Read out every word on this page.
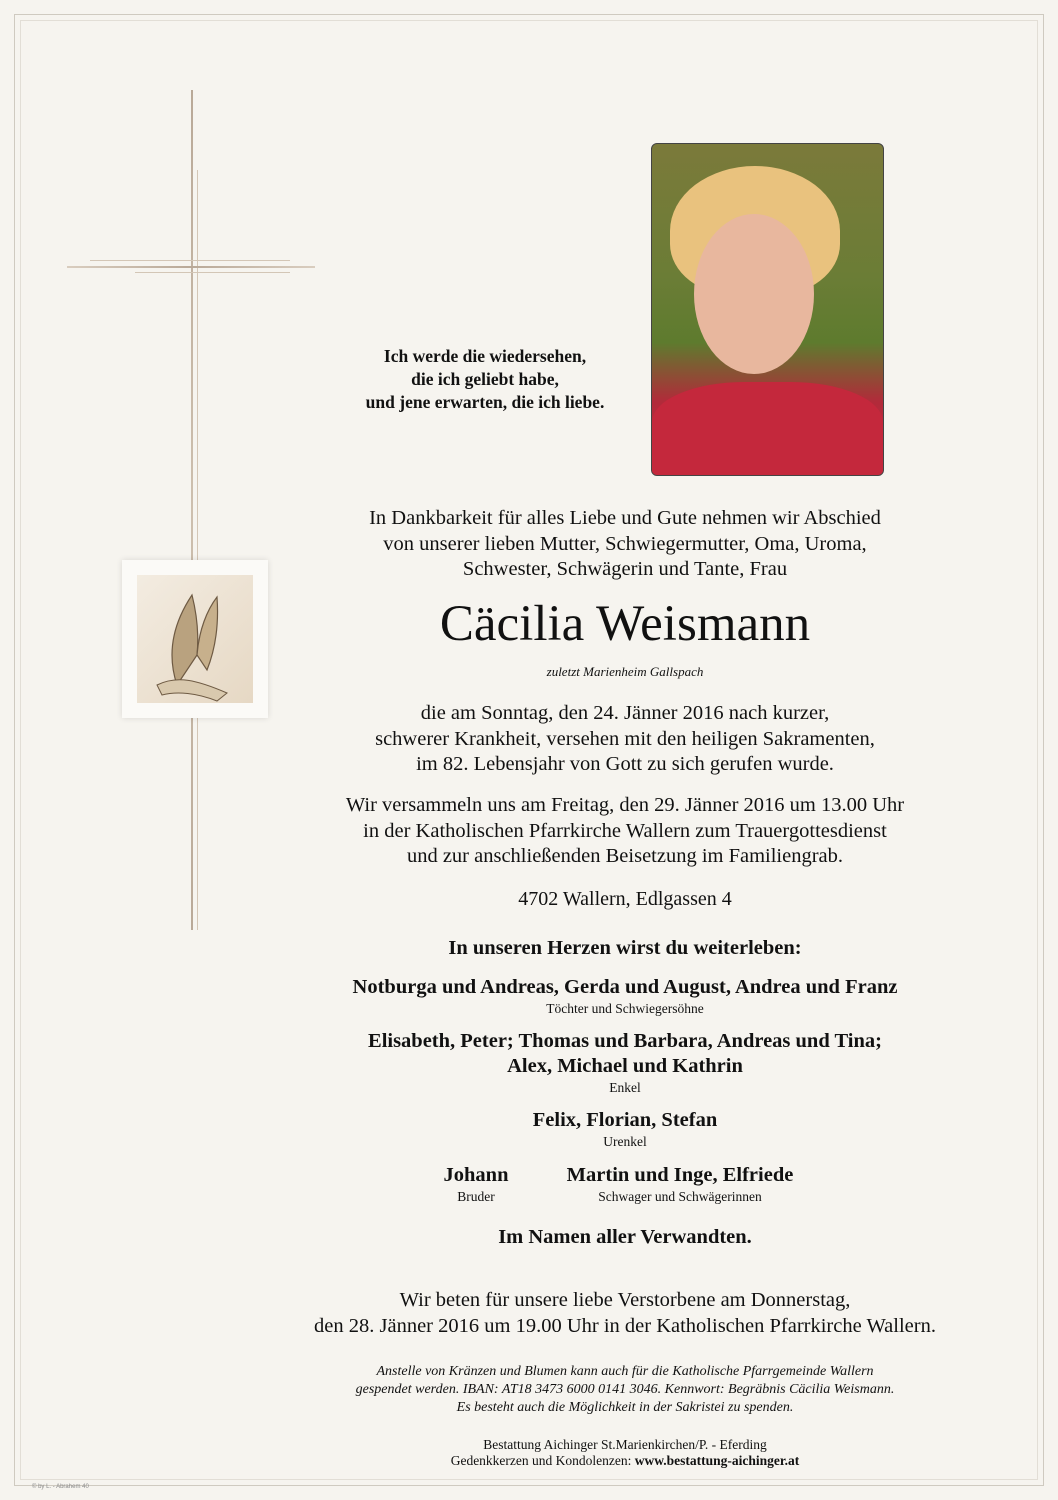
Ich werde die wiedersehen,
die ich geliebt habe,
und jene erwarten, die ich liebe.
In Dankbarkeit für alles Liebe und Gute nehmen wir Abschied
von unserer lieben Mutter, Schwiegermutter, Oma, Uroma,
Schwester, Schwägerin und Tante, Frau
Cäcilia Weismann
zuletzt Marienheim Gallspach
die am Sonntag, den 24. Jänner 2016 nach kurzer,
schwerer Krankheit, versehen mit den heiligen Sakramenten,
im 82. Lebensjahr von Gott zu sich gerufen wurde.
Wir versammeln uns am Freitag, den 29. Jänner 2016 um 13.00 Uhr
in der Katholischen Pfarrkirche Wallern zum Trauergottesdienst
und zur anschließenden Beisetzung im Familiengrab.
4702 Wallern, Edlgassen 4
In unseren Herzen wirst du weiterleben:
Notburga und Andreas, Gerda und August, Andrea und Franz
Töchter und Schwiegersöhne
Elisabeth, Peter; Thomas und Barbara, Andreas und Tina;
Alex, Michael und Kathrin
Enkel
Felix, Florian, Stefan
Urenkel
Johann
Bruder
Martin und Inge, Elfriede
Schwager und Schwägerinnen
Im Namen aller Verwandten.
Wir beten für unsere liebe Verstorbene am Donnerstag,
den 28. Jänner 2016 um 19.00 Uhr in der Katholischen Pfarrkirche Wallern.
Anstelle von Kränzen und Blumen kann auch für die Katholische Pfarrgemeinde Wallern
gespendet werden. IBAN: AT18 3473 6000 0141 3046. Kennwort: Begräbnis Cäcilia Weismann.
Es besteht auch die Möglichkeit in der Sakristei zu spenden.
Bestattung Aichinger St.Marienkirchen/P. - Eferding
Gedenkkerzen und Kondolenzen: www.bestattung-aichinger.at
© by L. - Abrahem 40
